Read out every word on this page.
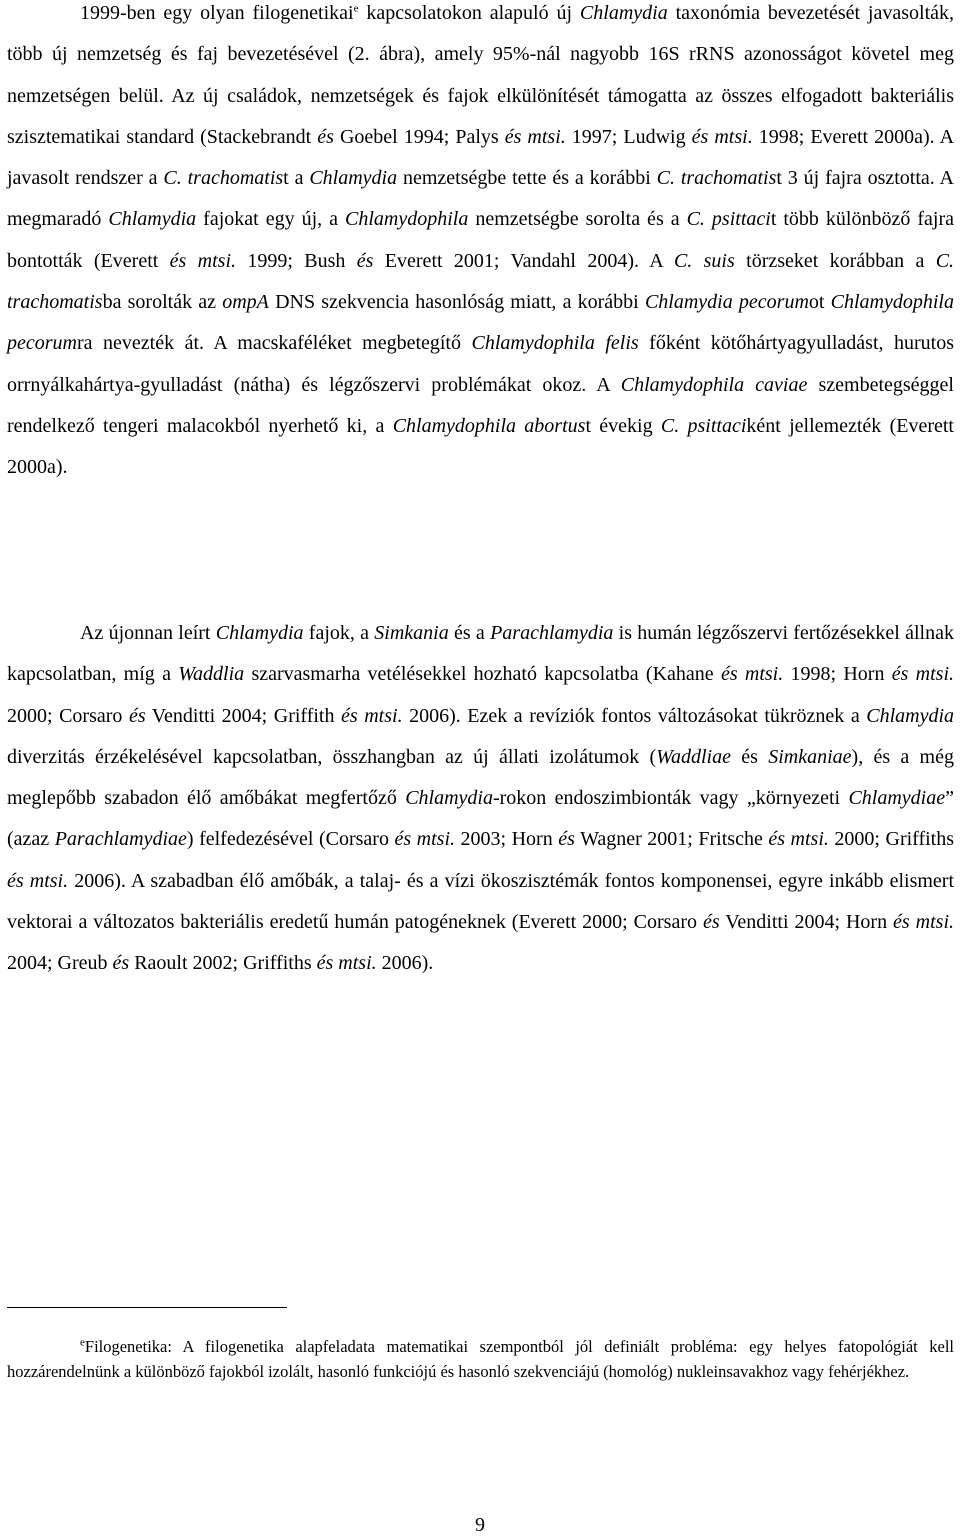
1999-ben egy olyan filogenetikai$^e$ kapcsolatokon alapuló új Chlamydia taxonómia bevezetését javasolták, több új nemzetség és faj bevezetésével (2. ábra), amely 95%-nál nagyobb 16S rRNS azonosságot követel meg nemzetségen belül. Az új családok, nemzetségek és fajok elkülönítését támogatta az összes elfogadott bakteriális szisztematikai standard (Stackebrandt és Goebel 1994; Palys és mtsi. 1997; Ludwig és mtsi. 1998; Everett 2000a). A javasolt rendszer a C. trachomatist a Chlamydia nemzetségbe tette és a korábbi C. trachomatist 3 új fajra osztotta. A megmaradó Chlamydia fajokat egy új, a Chlamydophila nemzetségbe sorolta és a C. psittacit több különböző fajra bontották (Everett és mtsi. 1999; Bush és Everett 2001; Vandahl 2004). A C. suis törzseket korábban a C. trachomatisba sorolták az ompA DNS szekvencia hasonlóság miatt, a korábbi Chlamydia pecorumot Chlamydophila pecorumra nevezték át. A macskaféléket megbetegítő Chlamydophila felis főként kötőhártyagyulladást, hurutos orrnyálkahártya-gyulladást (nátha) és légzőszervi problémákat okoz. A Chlamydophila caviae szembetegséggel rendelkező tengeri malacokból nyerhető ki, a Chlamydophila abortust évekig C. psittaciként jellemezték (Everett 2000a).

Az újonnan leírt Chlamydia fajok, a Simkania és a Parachlamydia is humán légzőszervi fertőzésekkel állnak kapcsolatban, míg a Waddlia szarvasmarha vetélésekkel hozható kapcsolatba (Kahane és mtsi. 1998; Horn és mtsi. 2000; Corsaro és Venditti 2004; Griffith és mtsi. 2006). Ezek a revíziók fontos változásokat tükröznek a Chlamydia diverzitás érzékelésével kapcsolatban, összhangban az új állati izolátumok (Waddliae és Simkaniae), és a még meglepőbb szabadon élő amőbákat megfertőző Chlamydia-rokon endoszimbionták vagy „környezeti Chlamydiae” (azaz Parachlamydiae) felfedezésével (Corsaro és mtsi. 2003; Horn és Wagner 2001; Fritsche és mtsi. 2000; Griffiths és mtsi. 2006). A szabadban élő amőbák, a talaj- és a vízi ökoszisztémák fontos komponensei, egyre inkább elismert vektorai a változatos bakteriális eredetű humán patogéneknek (Everett 2000; Corsaro és Venditti 2004; Horn és mtsi. 2004; Greub és Raoult 2002; Griffiths és mtsi. 2006).

$^e$Filogenetika: A filogenetika alapfeladata matematikai szempontból jól definiált probléma: egy helyes fatopológiát kell hozzárendelnünk a különböző fajokból izolált, hasonló funkciójú és hasonló szekvenciájú (homológ) nukleinsavakhoz vagy fehérjékhez.

9
